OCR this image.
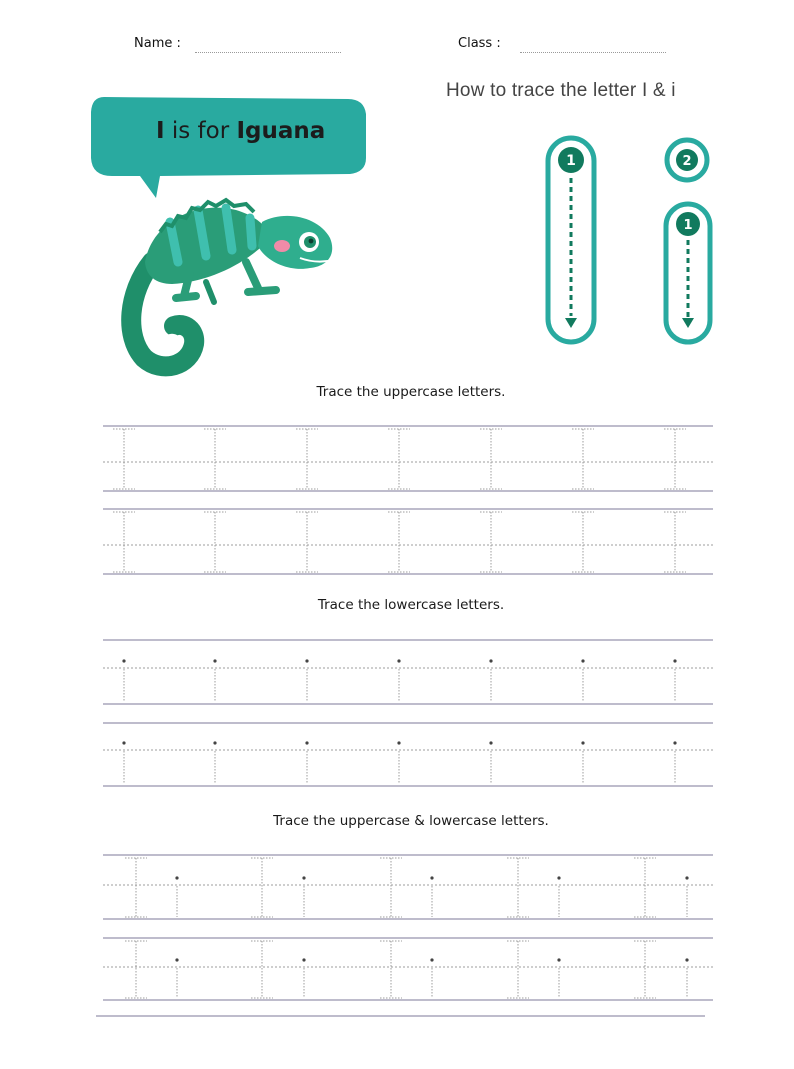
Name :	Class :
How to trace the letter I & i
I is for Iguana
1	2
1
Trace the uppercase letters.
Trace the lowercase letters.
Trace the uppercase & lowercase letters.
